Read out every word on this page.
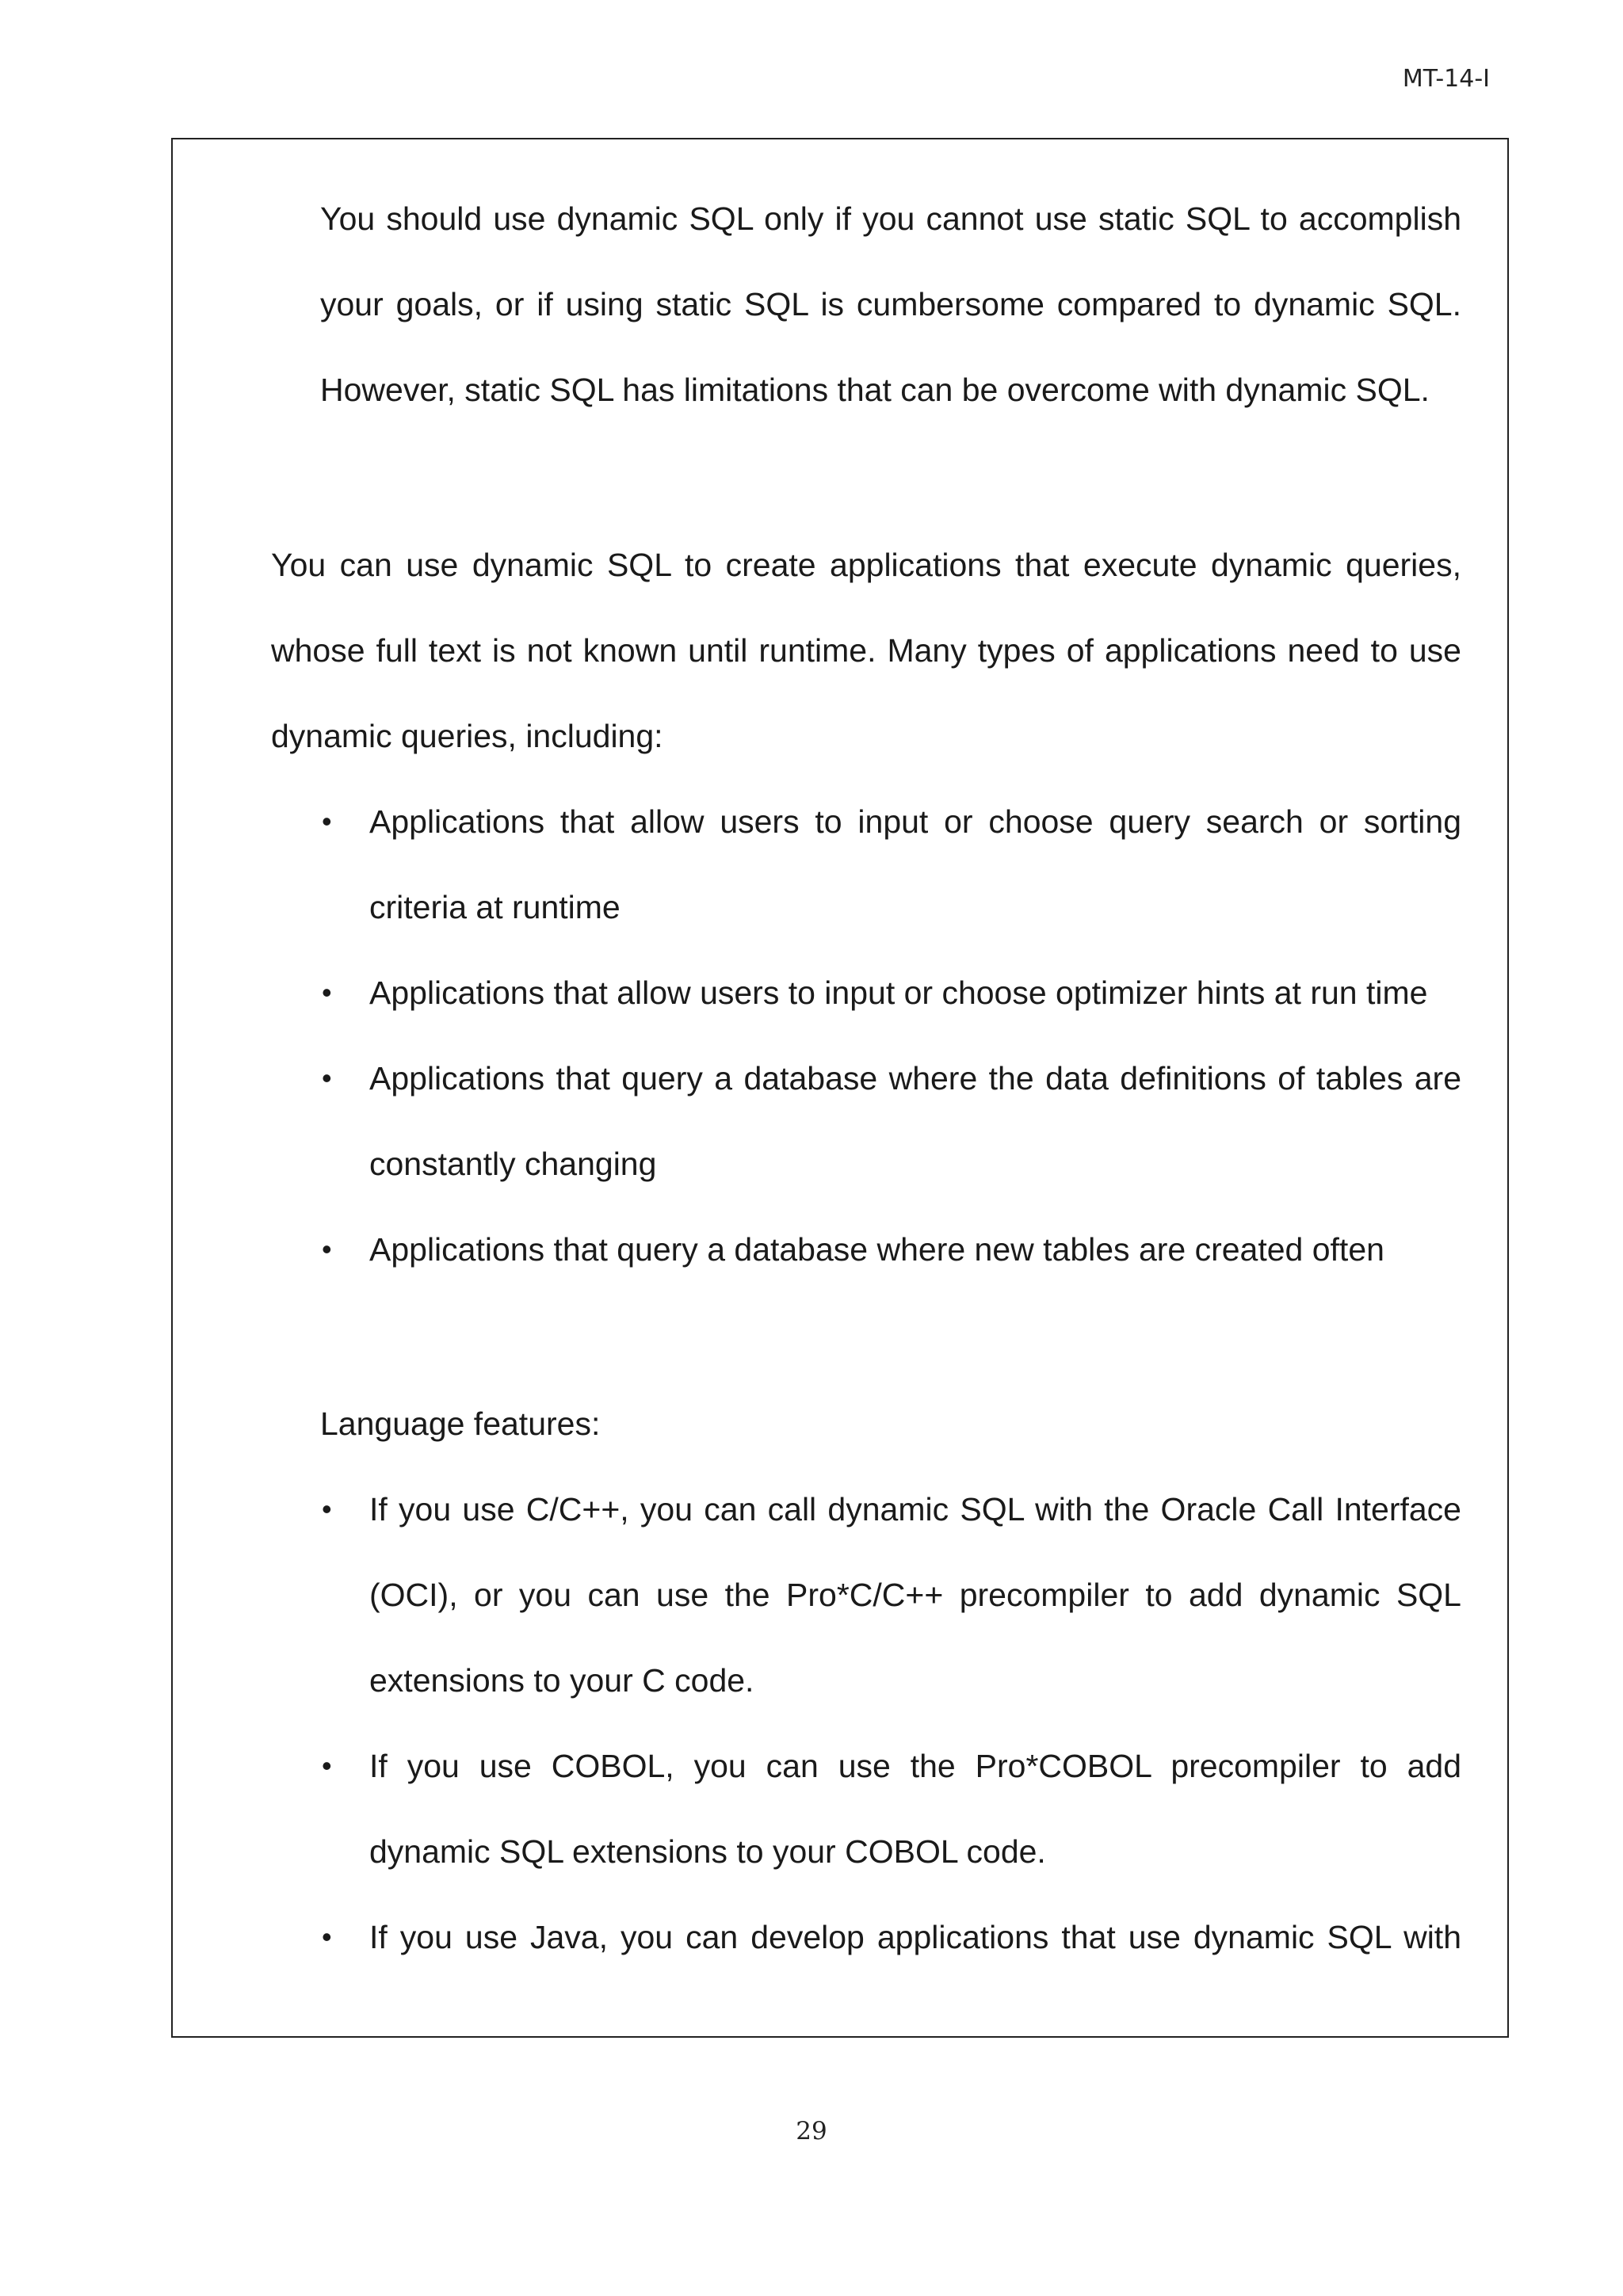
MT-14-I

You should use dynamic SQL only if you cannot use static SQL to accomplish your goals, or if using static SQL is cumbersome compared to dynamic SQL. However, static SQL has limitations that can be overcome with dynamic SQL.

You can use dynamic SQL to create applications that execute dynamic queries, whose full text is not known until runtime. Many types of applications need to use dynamic queries, including:

• Applications that allow users to input or choose query search or sorting criteria at runtime
• Applications that allow users to input or choose optimizer hints at run time
• Applications that query a database where the data definitions of tables are constantly changing
• Applications that query a database where new tables are created often

Language features:

• If you use C/C++, you can call dynamic SQL with the Oracle Call Interface (OCI), or you can use the Pro*C/C++ precompiler to add dynamic SQL extensions to your C code.
• If you use COBOL, you can use the Pro*COBOL precompiler to add dynamic SQL extensions to your COBOL code.
• If you use Java, you can develop applications that use dynamic SQL with
29
